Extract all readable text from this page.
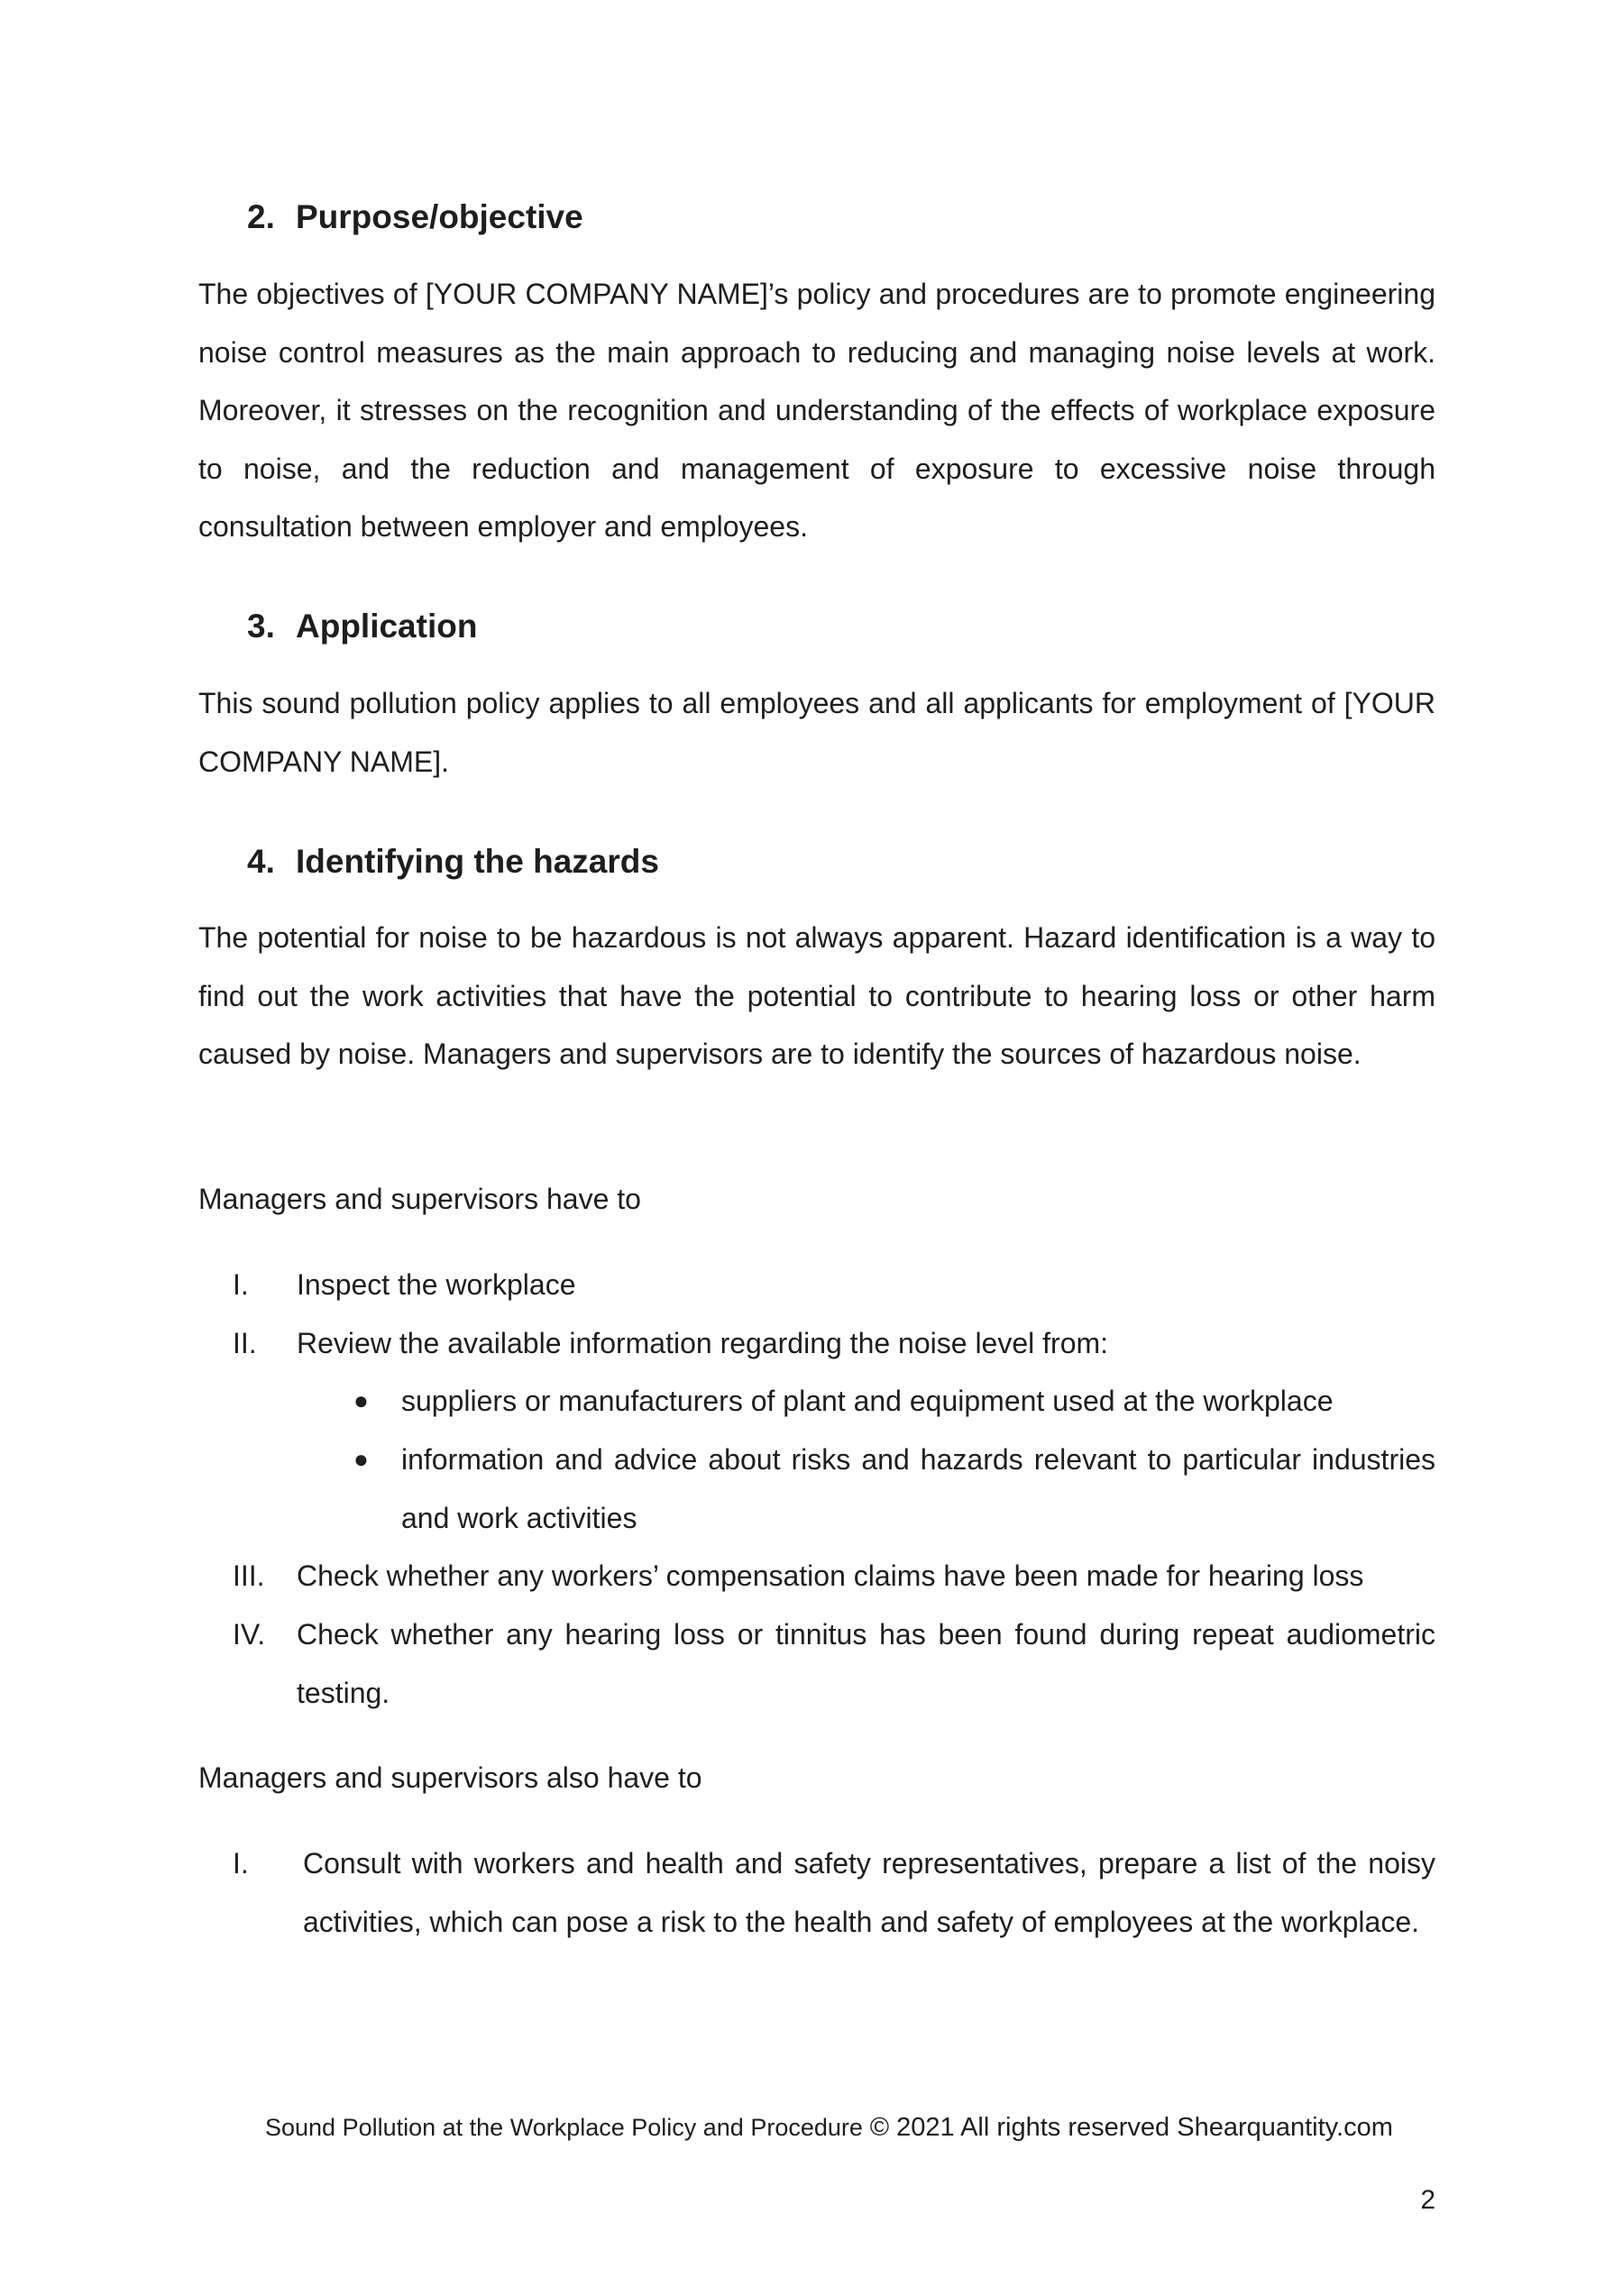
2. Purpose/objective

The objectives of [YOUR COMPANY NAME]’s policy and procedures are to promote engineering noise control measures as the main approach to reducing and managing noise levels at work. Moreover, it stresses on the recognition and understanding of the effects of workplace exposure to noise, and the reduction and management of exposure to excessive noise through consultation between employer and employees.

3. Application

This sound pollution policy applies to all employees and all applicants for employment of [YOUR COMPANY NAME].

4. Identifying the hazards

The potential for noise to be hazardous is not always apparent. Hazard identification is a way to find out the work activities that have the potential to contribute to hearing loss or other harm caused by noise. Managers and supervisors are to identify the sources of hazardous noise.

Managers and supervisors have to

I. Inspect the workplace
II. Review the available information regarding the noise level from:
● suppliers or manufacturers of plant and equipment used at the workplace
● information and advice about risks and hazards relevant to particular industries and work activities
III. Check whether any workers’ compensation claims have been made for hearing loss
IV. Check whether any hearing loss or tinnitus has been found during repeat audiometric testing.

Managers and supervisors also have to

I. Consult with workers and health and safety representatives, prepare a list of the noisy activities, which can pose a risk to the health and safety of employees at the workplace.
Sound Pollution at the Workplace Policy and Procedure © 2021 All rights reserved Shearquantity.com
2
